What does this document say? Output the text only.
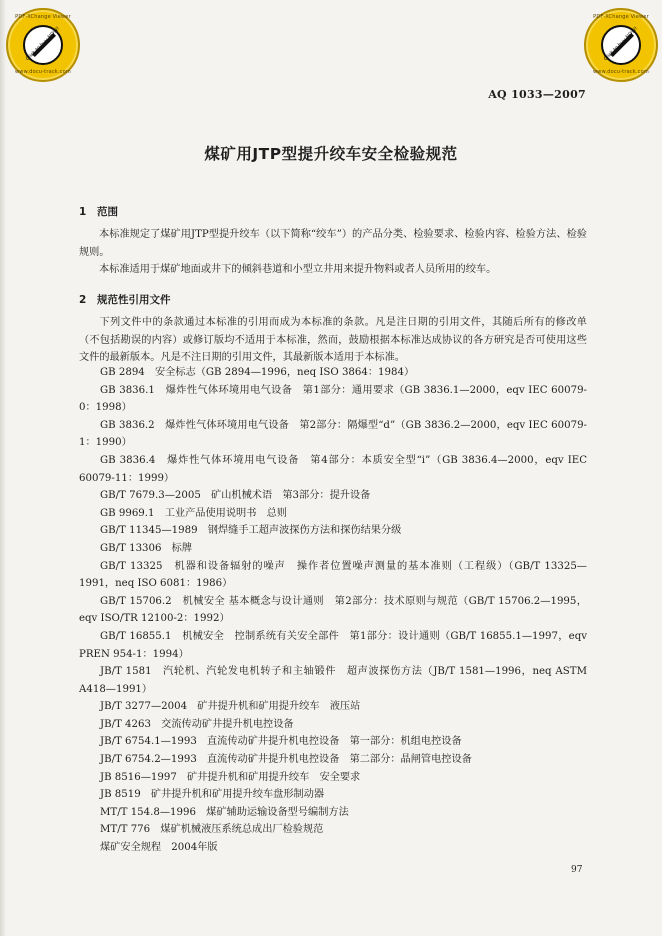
PDF-XChange Viewer
Click to buy NOW!
www.docu-track.com
PDF-XChange Viewer
Click to buy NOW!
www.docu-track.com
AQ 1033—2007
煤矿用JTP型提升绞车安全检验规范
1 范围

本标准规定了煤矿用JTP型提升绞车（以下简称“绞车”）的产品分类、检验要求、检验内容、检验方法、检验规则。

本标准适用于煤矿地面或井下的倾斜巷道和小型立井用来提升物料或者人员所用的绞车。

2 规范性引用文件

下列文件中的条款通过本标准的引用而成为本标准的条款。凡是注日期的引用文件，其随后所有的修改单（不包括勘误的内容）或修订版均不适用于本标准，然而，鼓励根据本标准达成协议的各方研究是否可使用这些文件的最新版本。凡是不注日期的引用文件，其最新版本适用于本标准。

GB 2894　安全标志（GB 2894—1996，neq ISO 3864：1984）
GB 3836.1　爆炸性气体环境用电气设备　第1部分：通用要求（GB 3836.1—2000，eqv IEC 60079-0：1998）
GB 3836.2　爆炸性气体环境用电气设备　第2部分：隔爆型“d”（GB 3836.2—2000，eqv IEC 60079-1：1990）
GB 3836.4　爆炸性气体环境用电气设备　第4部分：本质安全型“i”（GB 3836.4—2000，eqv IEC 60079-11：1999）
GB/T 7679.3—2005　矿山机械术语　第3部分：提升设备
GB 9969.1　工业产品使用说明书　总则
GB/T 11345—1989　钢焊缝手工超声波探伤方法和探伤结果分级
GB/T 13306　标牌
GB/T 13325　机器和设备辐射的噪声　操作者位置噪声测量的基本准则（工程级）（GB/T 13325—1991，neq ISO 6081：1986）
GB/T 15706.2　机械安全 基本概念与设计通则　第2部分：技术原则与规范（GB/T 15706.2—1995，eqv ISO/TR 12100-2：1992）
GB/T 16855.1　机械安全　控制系统有关安全部件　第1部分：设计通则（GB/T 16855.1—1997，eqv PREN 954-1：1994）
JB/T 1581　汽轮机、汽轮发电机转子和主轴锻件　超声波探伤方法（JB/T 1581—1996，neq ASTM A418—1991）
JB/T 3277—2004　矿井提升机和矿用提升绞车　液压站
JB/T 4263　交流传动矿井提升机电控设备
JB/T 6754.1—1993　直流传动矿井提升机电控设备　第一部分：机组电控设备
JB/T 6754.2—1993　直流传动矿井提升机电控设备　第二部分：晶闸管电控设备
JB 8516—1997　矿井提升机和矿用提升绞车　安全要求
JB 8519　矿井提升机和矿用提升绞车盘形制动器
MT/T 154.8—1996　煤矿辅助运输设备型号编制方法
MT/T 776　煤矿机械液压系统总成出厂检验规范
煤矿安全规程　2004年版
97
